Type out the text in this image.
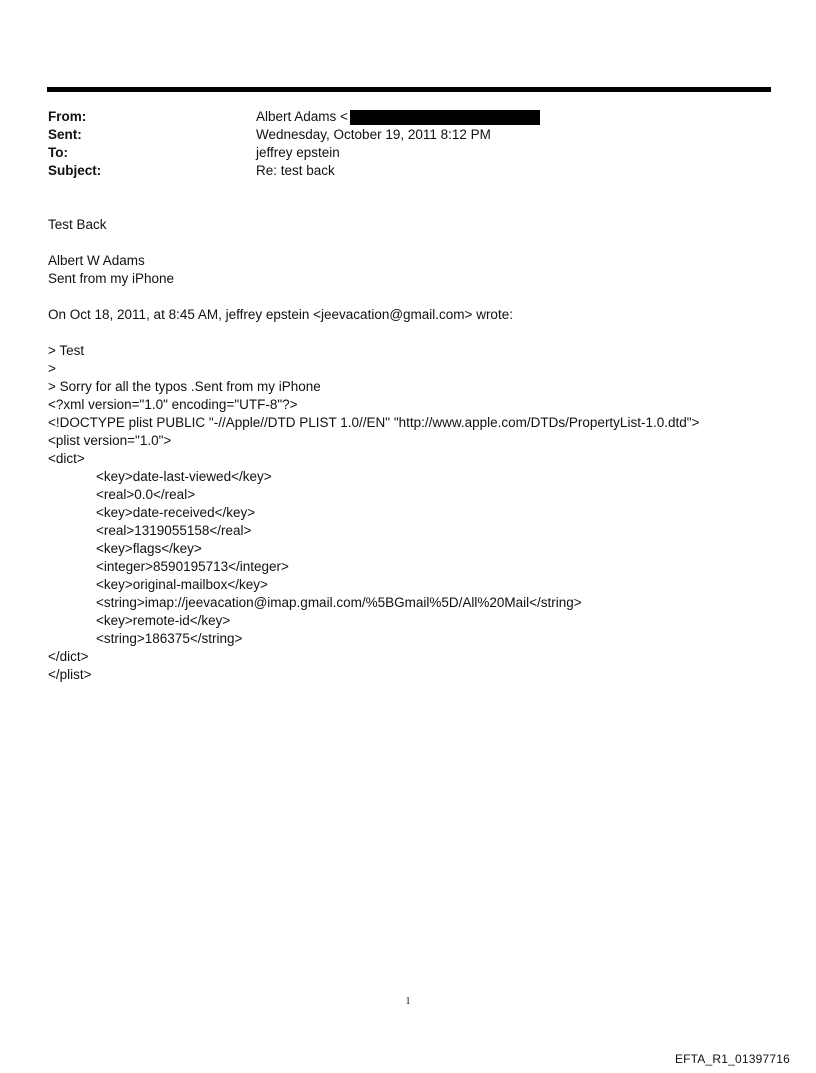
From:	Albert Adams <
Sent:	Wednesday, October 19, 2011 8:12 PM
To:	jeffrey epstein
Subject:	Re: test back
Test Back
Albert W Adams
Sent from my iPhone
On Oct 18, 2011, at 8:45 AM, jeffrey epstein <jeevacation@gmail.com> wrote:
> Test
>
> Sorry for all the typos .Sent from my iPhone
<?xml version="1.0" encoding="UTF-8"?>
<!DOCTYPE plist PUBLIC "-//Apple//DTD PLIST 1.0//EN" "http://www.apple.com/DTDs/PropertyList-1.0.dtd">
<plist version="1.0">
<dict>
<key>date-last-viewed</key>
<real>0.0</real>
<key>date-received</key>
<real>1319055158</real>
<key>flags</key>
<integer>8590195713</integer>
<key>original-mailbox</key>
<string>imap://jeevacation@imap.gmail.com/%5BGmail%5D/All%20Mail</string>
<key>remote-id</key>
<string>186375</string>
</dict>
</plist>
1
EFTA_R1_01397716
